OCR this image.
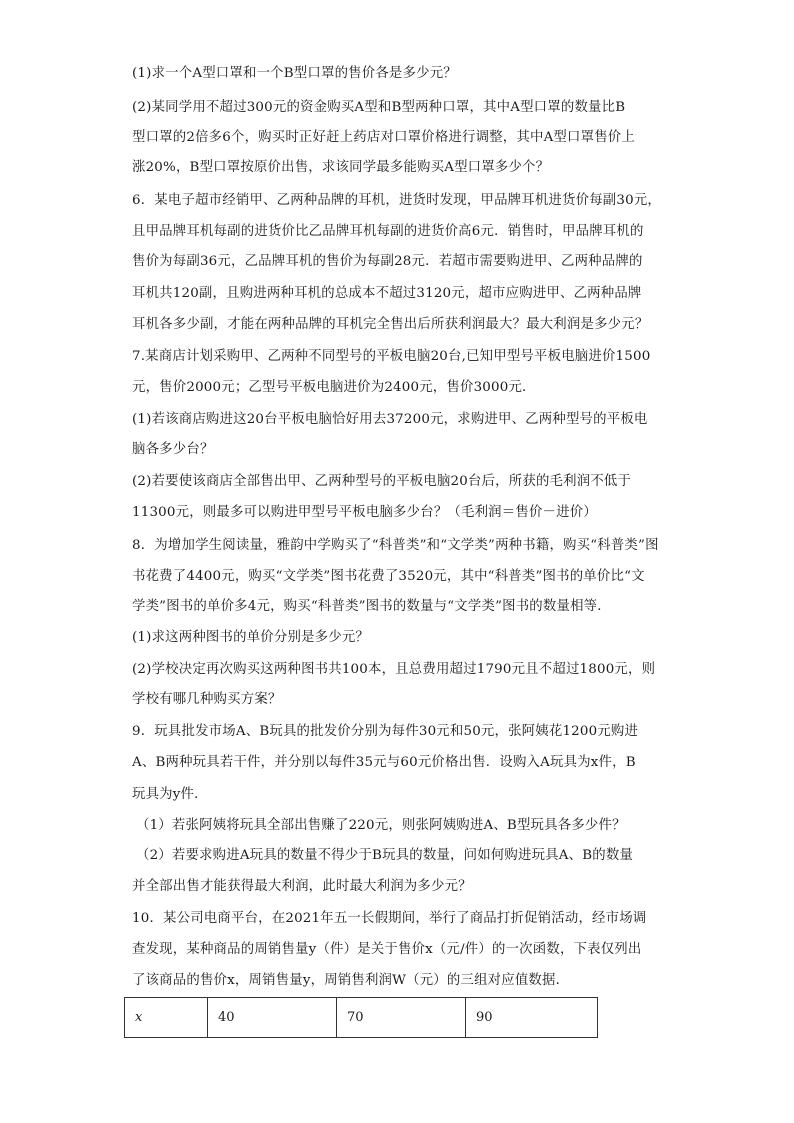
(1)求一个A型口罩和一个B型口罩的售价各是多少元？
(2)某同学用不超过300元的资金购买A型和B型两种口罩，其中A型口罩的数量比B
型口罩的2倍多6个，购买时正好赶上药店对口罩价格进行调整，其中A型口罩售价上
涨20%，B型口罩按原价出售，求该同学最多能购买A型口罩多少个？
6．某电子超市经销甲、乙两种品牌的耳机，进货时发现，甲品牌耳机进货价每副30元，
且甲品牌耳机每副的进货价比乙品牌耳机每副的进货价高6元．销售时，甲品牌耳机的
售价为每副36元，乙品牌耳机的售价为每副28元．若超市需要购进甲、乙两种品牌的
耳机共120副，且购进两种耳机的总成本不超过3120元，超市应购进甲、乙两种品牌
耳机各多少副，才能在两种品牌的耳机完全售出后所获利润最大？最大利润是多少元？
7.某商店计划采购甲、乙两种不同型号的平板电脑20台,已知甲型号平板电脑进价1500
元，售价2000元；乙型号平板电脑进价为2400元，售价3000元．
(1)若该商店购进这20台平板电脑恰好用去37200元，求购进甲、乙两种型号的平板电
脑各多少台？
(2)若要使该商店全部售出甲、乙两种型号的平板电脑20台后，所获的毛利润不低于
11300元，则最多可以购进甲型号平板电脑多少台？（毛利润＝售价－进价）
8．为增加学生阅读量，雅韵中学购买了“科普类”和“文学类”两种书籍，购买“科普类”图
书花费了4400元，购买“文学类”图书花费了3520元，其中“科普类”图书的单价比“文
学类”图书的单价多4元，购买“科普类”图书的数量与“文学类”图书的数量相等．
(1)求这两种图书的单价分别是多少元？
(2)学校决定再次购买这两种图书共100本，且总费用超过1790元且不超过1800元，则
学校有哪几种购买方案？
9．玩具批发市场A、B玩具的批发价分别为每件30元和50元，张阿姨花1200元购进
A、B两种玩具若干件，并分别以每件35元与60元价格出售．设购入A玩具为x件，B
玩具为y件．
（1）若张阿姨将玩具全部出售赚了220元，则张阿姨购进A、B型玩具各多少件？
（2）若要求购进A玩具的数量不得少于B玩具的数量，问如何购进玩具A、B的数量
并全部出售才能获得最大利润，此时最大利润为多少元？
10．某公司电商平台，在2021年五一长假期间，举行了商品打折促销活动，经市场调
查发现，某种商品的周销售量y（件）是关于售价x（元/件）的一次函数，下表仅列出
了该商品的售价x，周销售量y，周销售利润W（元）的三组对应值数据．
x	40	70	90
